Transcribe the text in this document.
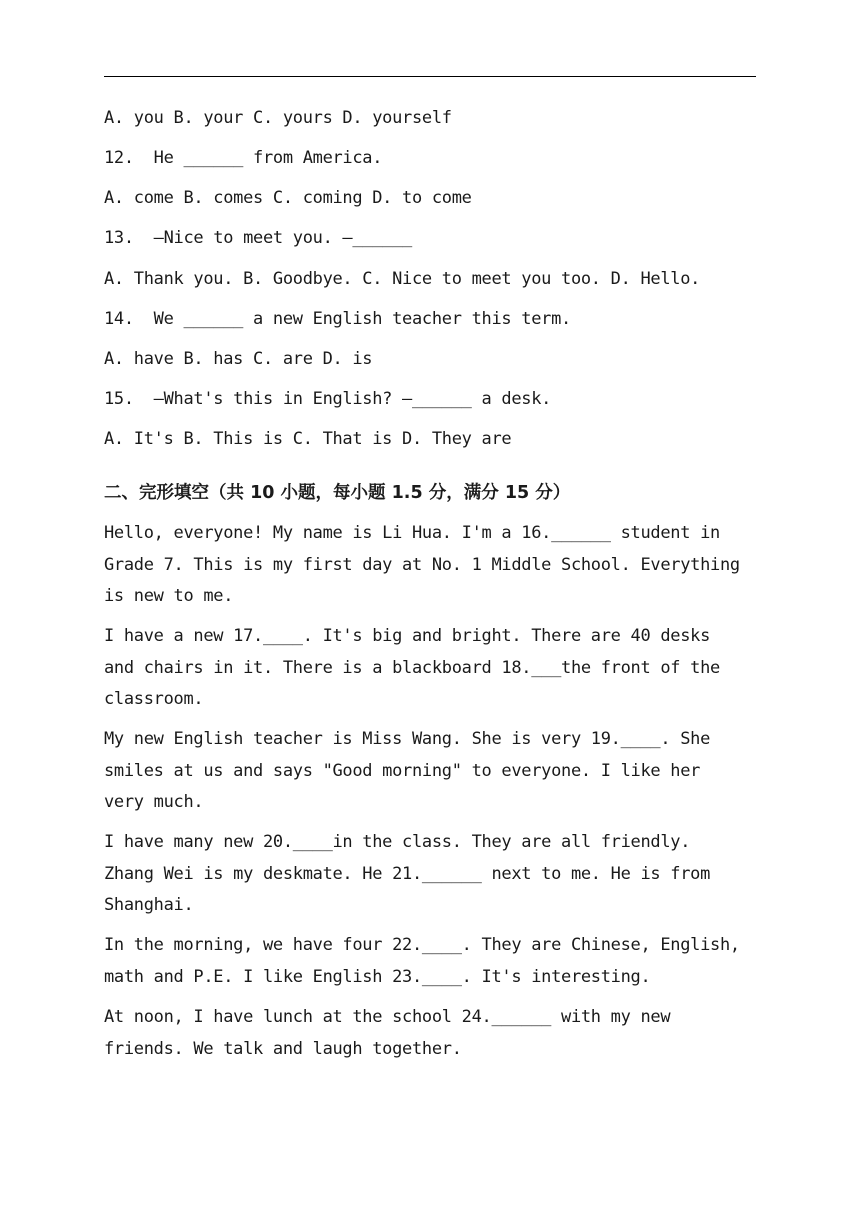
A. you B. your C. yours D. yourself
12.  He ______ from America.
A. come B. comes C. coming D. to come
13.  —Nice to meet you. —______
A. Thank you. B. Goodbye. C. Nice to meet you too. D. Hello.
14.  We ______ a new English teacher this term.
A. have B. has C. are D. is
15.  —What's this in English? —______ a desk.
A. It's B. This is C. That is D. They are
二、完形填空（共 10 小题，每小题 1.5 分，满分 15 分）
Hello, everyone! My name is Li Hua. I'm a 16.______ student in
Grade 7. This is my first day at No. 1 Middle School. Everything
is new to me.
I have a new 17.____. It's big and bright. There are 40 desks
and chairs in it. There is a blackboard 18.___the front of the
classroom.
My new English teacher is Miss Wang. She is very 19.____. She
smiles at us and says "Good morning" to everyone. I like her
very much.
I have many new 20.____in the class. They are all friendly.
Zhang Wei is my deskmate. He 21.______ next to me. He is from
Shanghai.
In the morning, we have four 22.____. They are Chinese, English,
math and P.E. I like English 23.____. It's interesting.
At noon, I have lunch at the school 24.______ with my new
friends. We talk and laugh together.
